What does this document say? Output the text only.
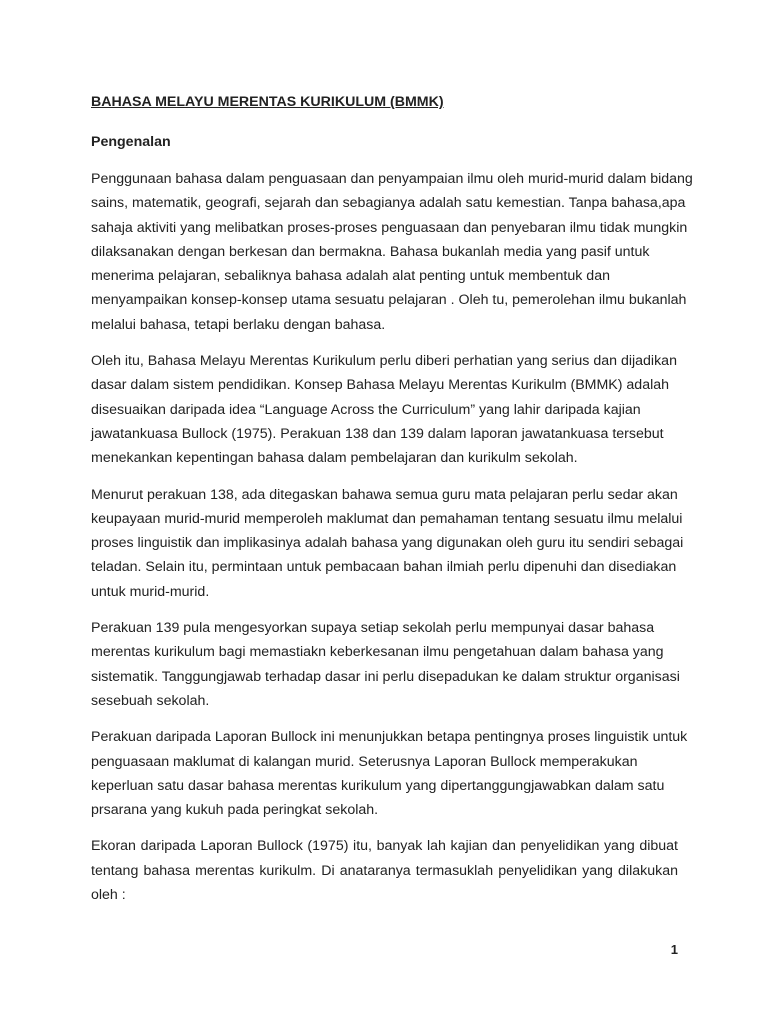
BAHASA MELAYU MERENTAS KURIKULUM (BMMK)
Pengenalan
Penggunaan bahasa dalam penguasaan dan penyampaian ilmu oleh murid-murid dalam bidang
sains, matematik, geografi, sejarah dan sebagianya adalah satu kemestian. Tanpa bahasa,apa
sahaja aktiviti yang melibatkan proses-proses penguasaan dan penyebaran ilmu tidak mungkin
dilaksanakan dengan berkesan dan bermakna. Bahasa bukanlah media yang pasif untuk
menerima pelajaran, sebaliknya bahasa adalah alat penting untuk membentuk dan
menyampaikan konsep-konsep utama sesuatu pelajaran . Oleh tu, pemerolehan ilmu bukanlah
melalui bahasa, tetapi berlaku dengan bahasa.
Oleh itu, Bahasa Melayu Merentas Kurikulum perlu diberi perhatian yang serius dan dijadikan
dasar dalam sistem pendidikan. Konsep Bahasa Melayu Merentas Kurikulm (BMMK) adalah
disesuaikan daripada idea “Language Across the Curriculum” yang lahir daripada kajian
jawatankuasa Bullock (1975). Perakuan 138 dan 139 dalam laporan jawatankuasa tersebut
menekankan kepentingan bahasa dalam pembelajaran dan kurikulm sekolah.
Menurut perakuan 138, ada ditegaskan bahawa semua guru mata pelajaran perlu sedar akan
keupayaan murid-murid memperoleh maklumat dan pemahaman tentang sesuatu ilmu melalui
proses linguistik dan implikasinya adalah bahasa yang digunakan oleh guru itu sendiri sebagai
teladan. Selain itu, permintaan untuk pembacaan bahan ilmiah perlu dipenuhi dan disediakan
untuk murid-murid.
Perakuan 139 pula mengesyorkan supaya setiap sekolah perlu mempunyai dasar bahasa
merentas kurikulum bagi memastiakn keberkesanan ilmu pengetahuan dalam bahasa yang
sistematik. Tanggungjawab terhadap dasar ini perlu disepadukan ke dalam struktur organisasi
sesebuah sekolah.
Perakuan daripada Laporan Bullock ini menunjukkan betapa pentingnya proses linguistik untuk
penguasaan maklumat di kalangan murid. Seterusnya Laporan Bullock memperakukan
keperluan satu dasar bahasa merentas kurikulum yang dipertanggungjawabkan dalam satu
prsarana yang kukuh pada peringkat sekolah.
Ekoran daripada Laporan Bullock (1975) itu, banyak lah kajian dan penyelidikan yang dibuat
tentang bahasa merentas kurikulm. Di anataranya termasuklah penyelidikan yang dilakukan
oleh :
1
